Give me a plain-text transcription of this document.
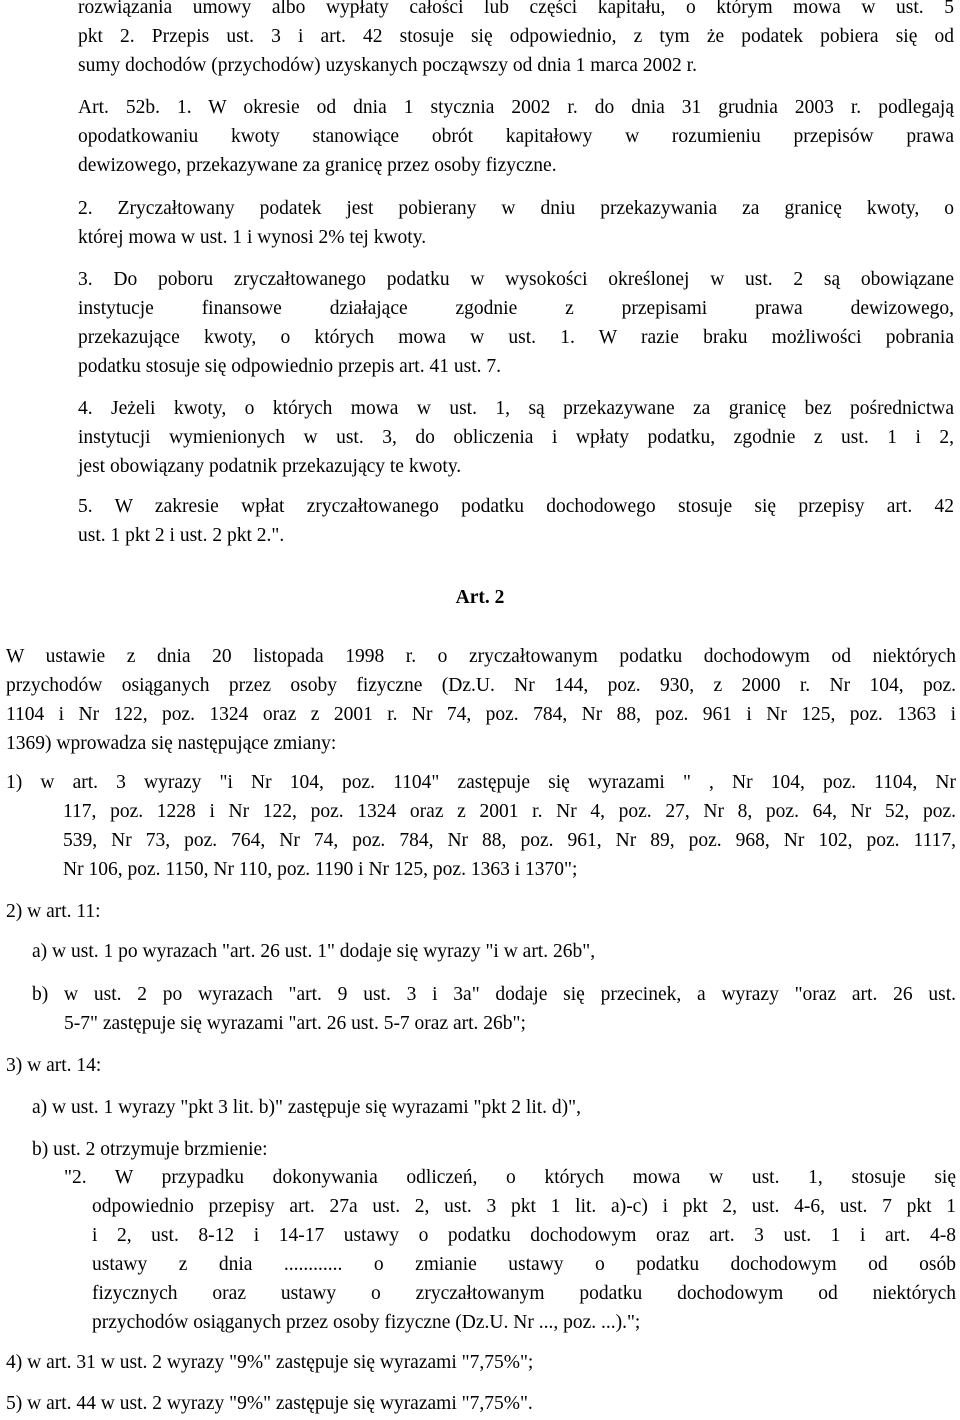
rozwiązania umowy albo wypłaty całości lub części kapitału, o którym mowa w ust. 5
pkt 2. Przepis ust. 3 i art. 42 stosuje się odpowiednio, z tym że podatek pobiera się od
sumy dochodów (przychodów) uzyskanych począwszy od dnia 1 marca 2002 r.
Art. 52b. 1. W okresie od dnia 1 stycznia 2002 r. do dnia 31 grudnia 2003 r. podlegają
opodatkowaniu kwoty stanowiące obrót kapitałowy w rozumieniu przepisów prawa
dewizowego, przekazywane za granicę przez osoby fizyczne.
2. Zryczałtowany podatek jest pobierany w dniu przekazywania za granicę kwoty, o
której mowa w ust. 1 i wynosi 2% tej kwoty.
3. Do poboru zryczałtowanego podatku w wysokości określonej w ust. 2 są obowiązane
instytucje finansowe działające zgodnie z przepisami prawa dewizowego,
przekazujące kwoty, o których mowa w ust. 1. W razie braku możliwości pobrania
podatku stosuje się odpowiednio przepis art. 41 ust. 7.
4. Jeżeli kwoty, o których mowa w ust. 1, są przekazywane za granicę bez pośrednictwa
instytucji wymienionych w ust. 3, do obliczenia i wpłaty podatku, zgodnie z ust. 1 i 2,
jest obowiązany podatnik przekazujący te kwoty.
5. W zakresie wpłat zryczałtowanego podatku dochodowego stosuje się przepisy art. 42
ust. 1 pkt 2 i ust. 2 pkt 2.".
Art. 2
W ustawie z dnia 20 listopada 1998 r. o zryczałtowanym podatku dochodowym od niektórych
przychodów osiąganych przez osoby fizyczne (Dz.U. Nr 144, poz. 930, z 2000 r. Nr 104, poz.
1104 i Nr 122, poz. 1324 oraz z 2001 r. Nr 74, poz. 784, Nr 88, poz. 961 i Nr 125, poz. 1363 i
1369) wprowadza się następujące zmiany:
1) w art. 3 wyrazy "i Nr 104, poz. 1104" zastępuje się wyrazami " , Nr 104, poz. 1104, Nr
117, poz. 1228 i Nr 122, poz. 1324 oraz z 2001 r. Nr 4, poz. 27, Nr 8, poz. 64, Nr 52, poz.
539, Nr 73, poz. 764, Nr 74, poz. 784, Nr 88, poz. 961, Nr 89, poz. 968, Nr 102, poz. 1117,
Nr 106, poz. 1150, Nr 110, poz. 1190 i Nr 125, poz. 1363 i 1370";
2) w art. 11:
a) w ust. 1 po wyrazach "art. 26 ust. 1" dodaje się wyrazy "i w art. 26b",
b) w ust. 2 po wyrazach "art. 9 ust. 3 i 3a" dodaje się przecinek, a wyrazy "oraz art. 26 ust.
5-7" zastępuje się wyrazami "art. 26 ust. 5-7 oraz art. 26b";
3) w art. 14:
a) w ust. 1 wyrazy "pkt 3 lit. b)" zastępuje się wyrazami "pkt 2 lit. d)",
b) ust. 2 otrzymuje brzmienie:
"2. W przypadku dokonywania odliczeń, o których mowa w ust. 1, stosuje się
odpowiednio przepisy art. 27a ust. 2, ust. 3 pkt 1 lit. a)-c) i pkt 2, ust. 4-6, ust. 7 pkt 1
i 2, ust. 8-12 i 14-17 ustawy o podatku dochodowym oraz art. 3 ust. 1 i art. 4-8
ustawy z dnia ............ o zmianie ustawy o podatku dochodowym od osób
fizycznych oraz ustawy o zryczałtowanym podatku dochodowym od niektórych
przychodów osiąganych przez osoby fizyczne (Dz.U. Nr ..., poz. ...).";
4) w art. 31 w ust. 2 wyrazy "9%" zastępuje się wyrazami "7,75%";
5) w art. 44 w ust. 2 wyrazy "9%" zastępuje się wyrazami "7,75%".
